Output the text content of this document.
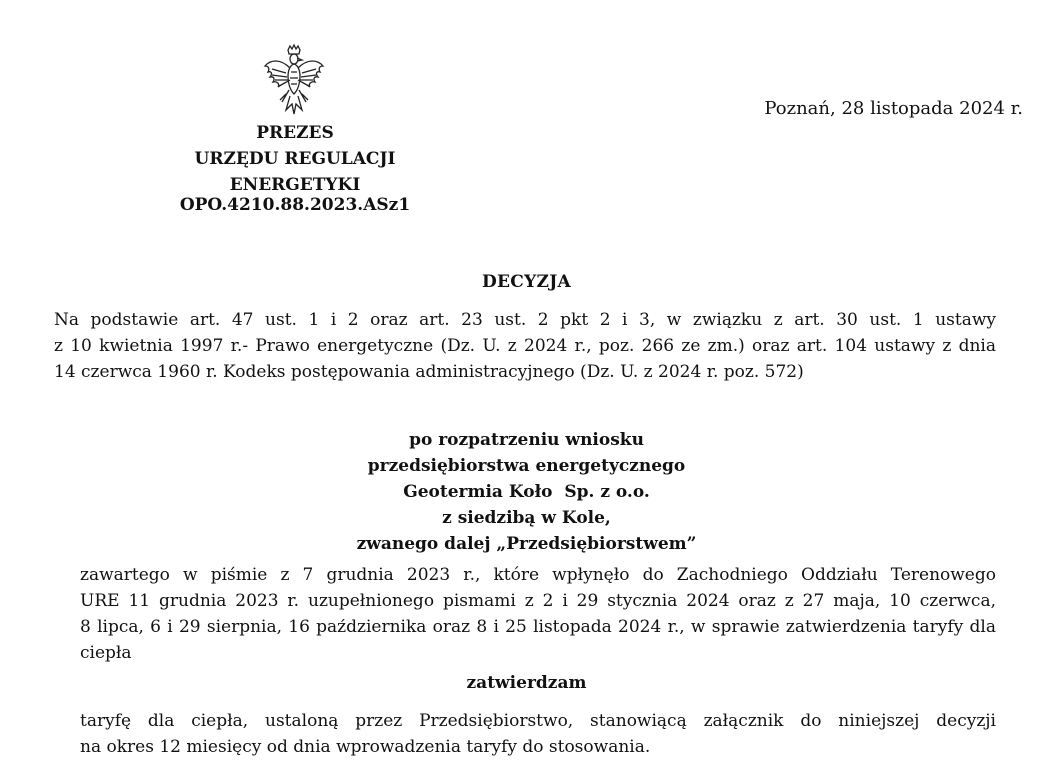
Poznań, 28 listopada 2024 r.
PREZES
URZĘDU REGULACJI ENERGETYKI
OPO.4210.88.2023.ASz1
DECYZJA
Na podstawie art. 47 ust. 1 i 2 oraz art. 23 ust. 2 pkt 2 i 3, w związku z art. 30 ust. 1 ustawy
z 10 kwietnia 1997 r.- Prawo energetyczne (Dz. U. z 2024 r., poz. 266 ze zm.) oraz art. 104 ustawy z dnia
14 czerwca 1960 r. Kodeks postępowania administracyjnego (Dz. U. z 2024 r. poz. 572)
po rozpatrzeniu wniosku
przedsiębiorstwa energetycznego
Geotermia Koło  Sp. z o.o.
z siedzibą w Kole,
zwanego dalej „Przedsiębiorstwem”
zawartego w piśmie z 7 grudnia 2023 r., które wpłynęło do Zachodniego Oddziału Terenowego
URE 11 grudnia 2023 r. uzupełnionego pismami z 2 i 29 stycznia 2024 oraz z 27 maja, 10 czerwca,
8 lipca, 6 i 29 sierpnia, 16 października oraz 8 i 25 listopada 2024 r., w sprawie zatwierdzenia taryfy dla
ciepła
zatwierdzam
taryfę dla ciepła, ustaloną przez Przedsiębiorstwo, stanowiącą załącznik do niniejszej decyzji
na okres 12 miesięcy od dnia wprowadzenia taryfy do stosowania.
